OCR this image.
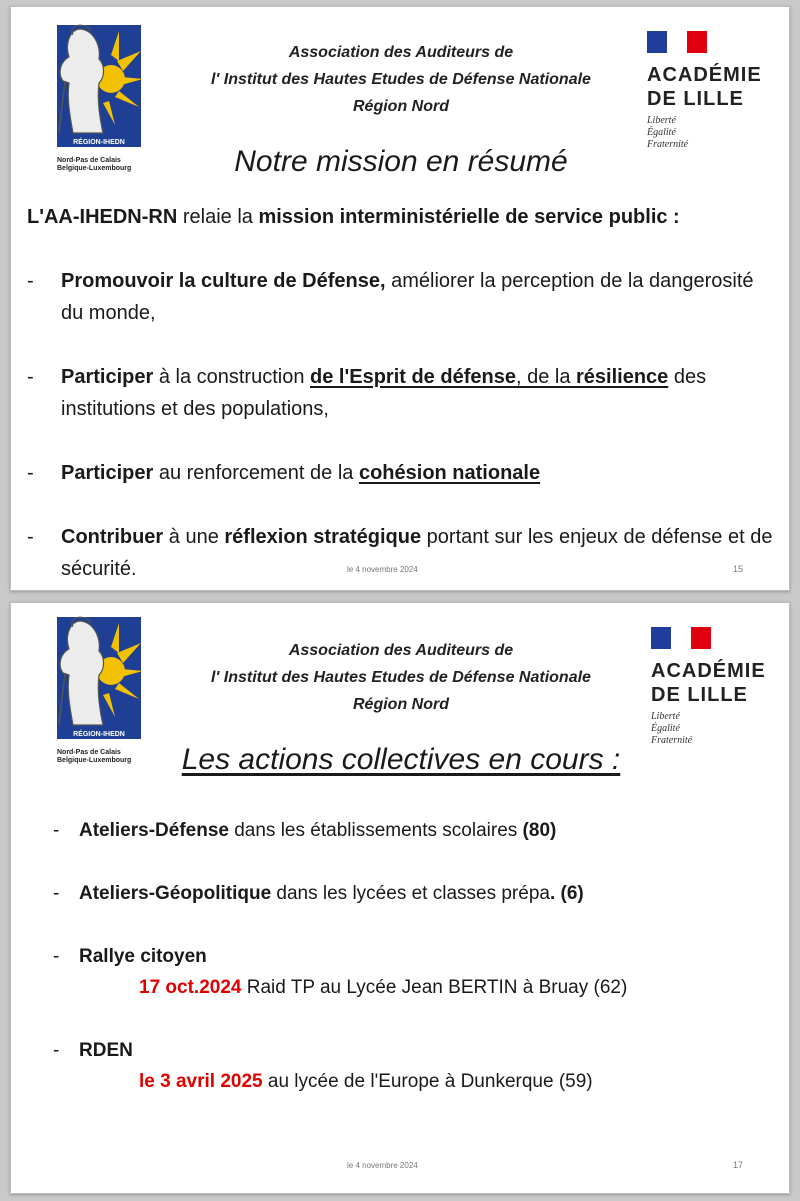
RÉGION-IHEDN
Nord-Pas de Calais
Belgique-Luxembourg
Association des Auditeurs de
l' Institut des Hautes Etudes de Défense Nationale
Région Nord
ACADÉMIE
DE LILLE
Liberté
Égalité
Fraternité
Notre mission en résumé
L'AA-IHEDN-RN relaie la mission interministérielle de service public :
- Promouvoir la culture de Défense, améliorer la perception de la dangerosité du monde,
- Participer à la construction de l'Esprit de défense, de la résilience des institutions et des populations,
- Participer au renforcement de la cohésion nationale
- Contribuer à une réflexion stratégique portant sur les enjeux de défense et de sécurité.	le 4 novembre 2024	15
RÉGION-IHEDN
Nord-Pas de Calais
Belgique-Luxembourg
Association des Auditeurs de
l' Institut des Hautes Etudes de Défense Nationale
Région Nord
ACADÉMIE
DE LILLE
Liberté
Égalité
Fraternité
Les actions collectives en cours :
- Ateliers-Défense dans les établissements scolaires (80)
- Ateliers-Géopolitique dans les lycées et classes prépa. (6)
- Rallye citoyen
17 oct.2024 Raid TP au Lycée Jean BERTIN à Bruay (62)
- RDEN
le 3 avril 2025 au lycée de l'Europe à Dunkerque (59)
le 4 novembre 2024	17
